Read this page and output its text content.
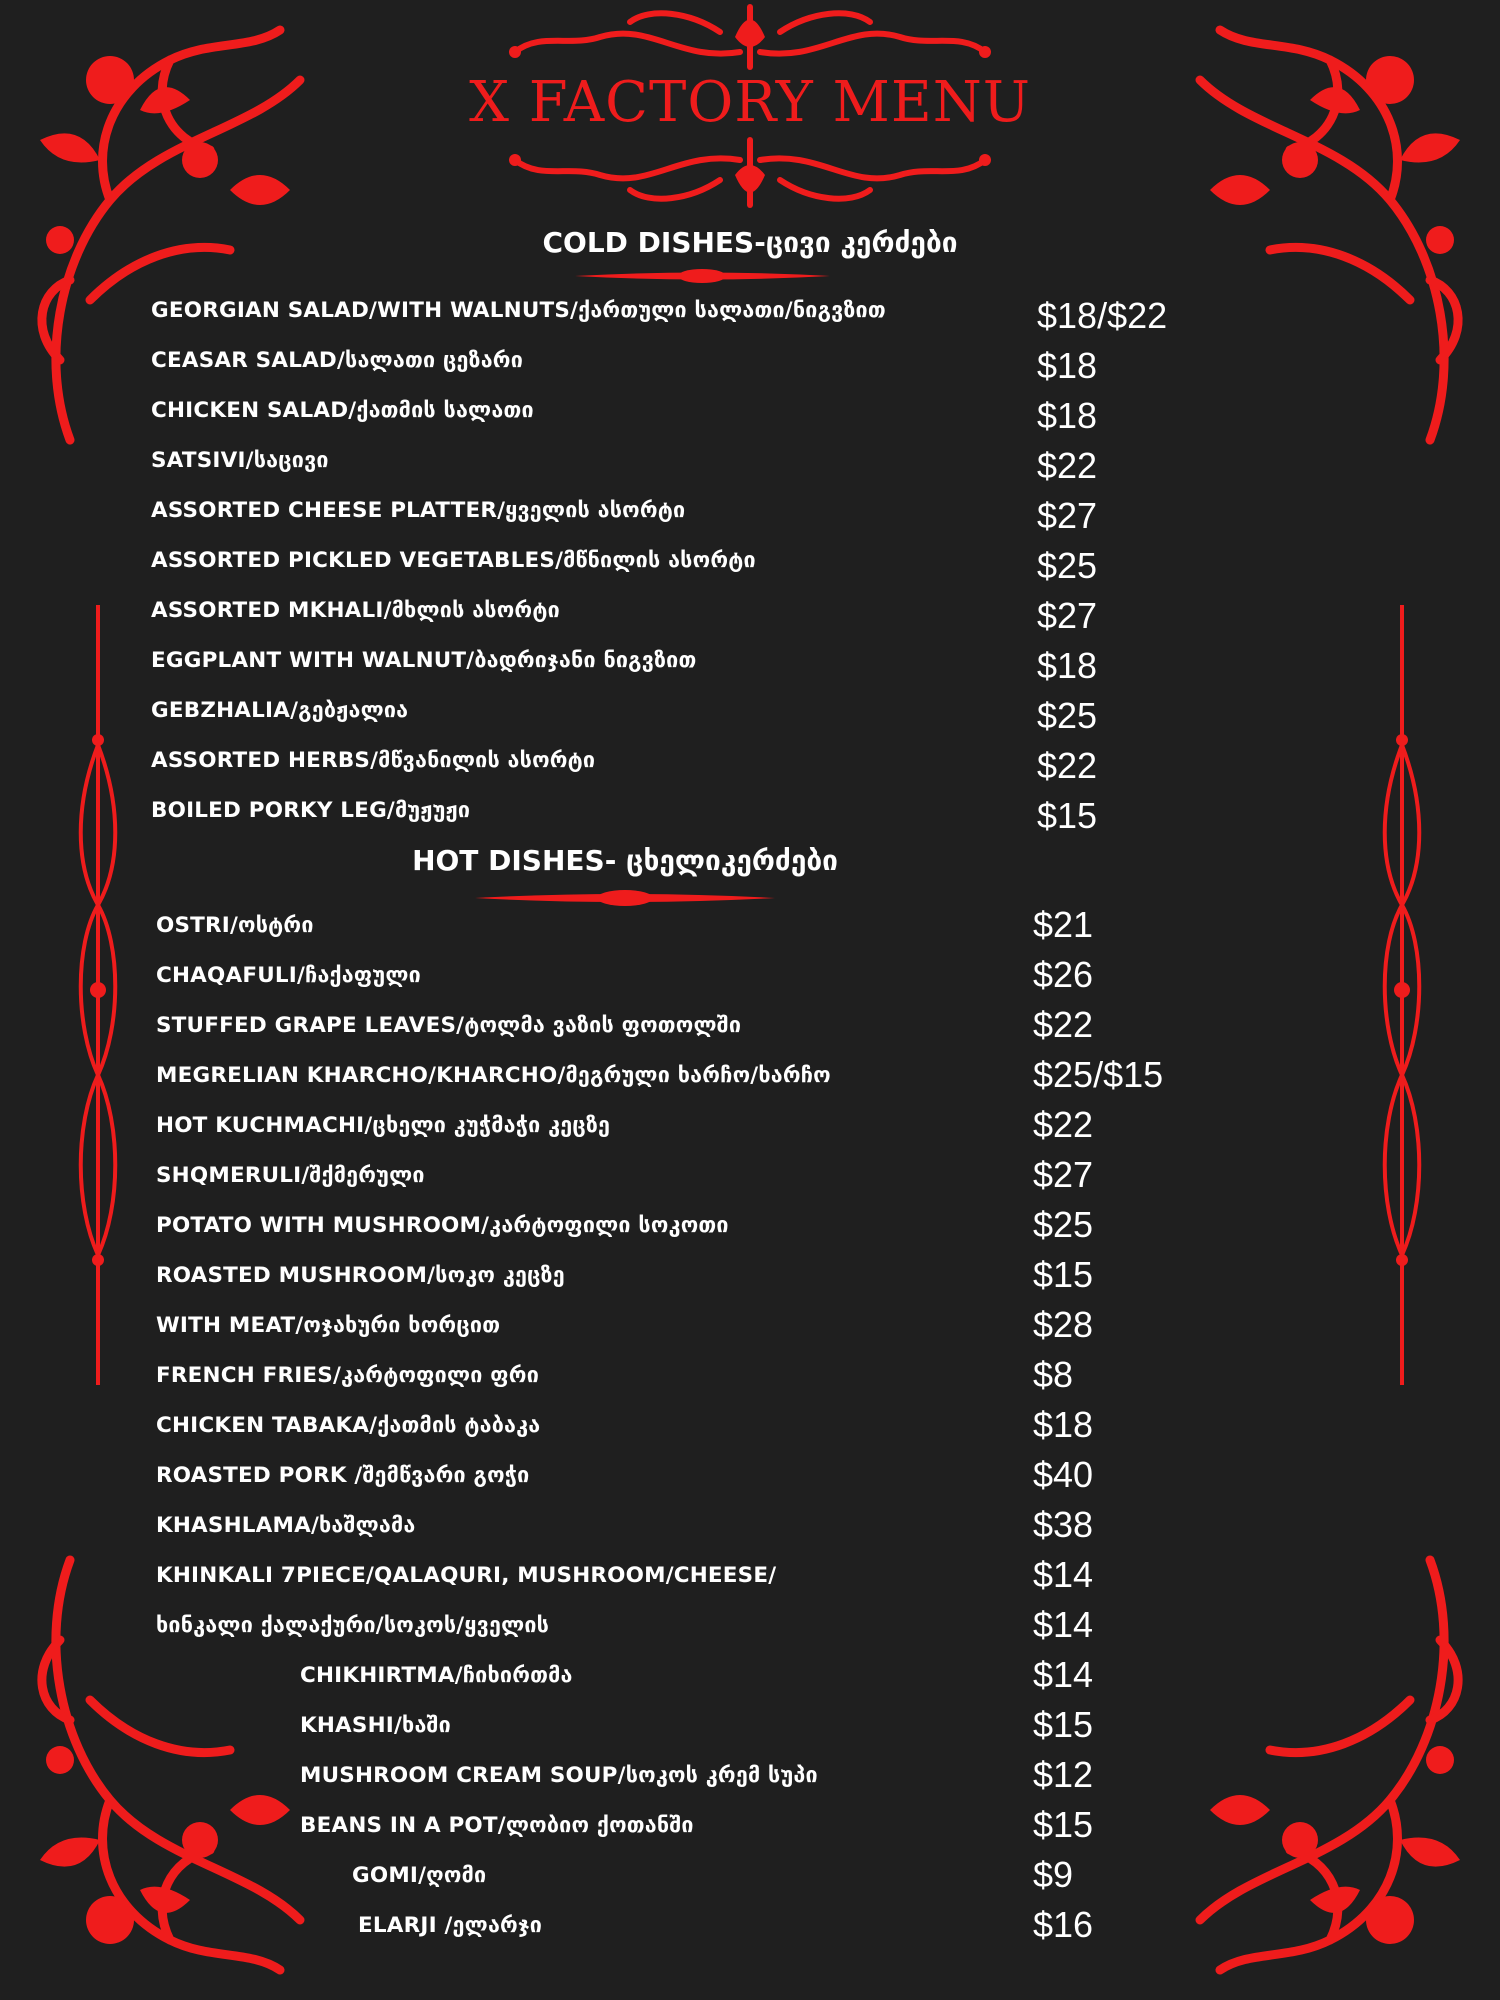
X FACTORY MENU
COLD DISHES-ცივი კერძები
GEORGIAN SALAD/WITH WALNUTS/ქართული სალათი/ნიგვზით	$18/$22
CEASAR SALAD/სალათი ცეზარი	$18
CHICKEN SALAD/ქათმის სალათი	$18
SATSIVI/საცივი	$22
ASSORTED CHEESE PLATTER/ყველის ასორტი	$27
ASSORTED PICKLED VEGETABLES/მწნილის ასორტი	$25
ASSORTED MKHALI/მხლის ასორტი	$27
EGGPLANT WITH WALNUT/ბადრიჯანი ნიგვზით	$18
GEBZHALIA/გებჟალია	$25
ASSORTED HERBS/მწვანილის ასორტი	$22
BOILED PORKY LEG/მუჟუჟი	$15
HOT DISHES- ცხელიკერძები
OSTRI/ოსტრი	$21
CHAQAFULI/ჩაქაფული	$26
STUFFED GRAPE LEAVES/ტოლმა ვაზის ფოთოლში	$22
MEGRELIAN KHARCHO/KHARCHO/მეგრული ხარჩო/ხარჩო	$25/$15
HOT KUCHMACHI/ცხელი კუჭმაჭი კეცზე	$22
SHQMERULI/შქმერული	$27
POTATO WITH MUSHROOM/კარტოფილი სოკოთი	$25
ROASTED MUSHROOM/სოკო კეცზე	$15
WITH MEAT/ოჯახური ხორცით	$28
FRENCH FRIES/კარტოფილი ფრი	$8
CHICKEN TABAKA/ქათმის ტაბაკა	$18
ROASTED PORK /შემწვარი გოჭი	$40
KHASHLAMA/ხაშლამა	$38
KHINKALI 7PIECE/QALAQURI, MUSHROOM/CHEESE/	$14
ხინკალი ქალაქური/სოკოს/ყველის	$14
CHIKHIRTMA/ჩიხირთმა	$14
KHASHI/ხაში	$15
MUSHROOM CREAM SOUP/სოკოს კრემ სუპი	$12
BEANS IN A POT/ლობიო ქოთანში	$15
GOMI/ღომი	$9
ELARJI /ელარჯი	$16
